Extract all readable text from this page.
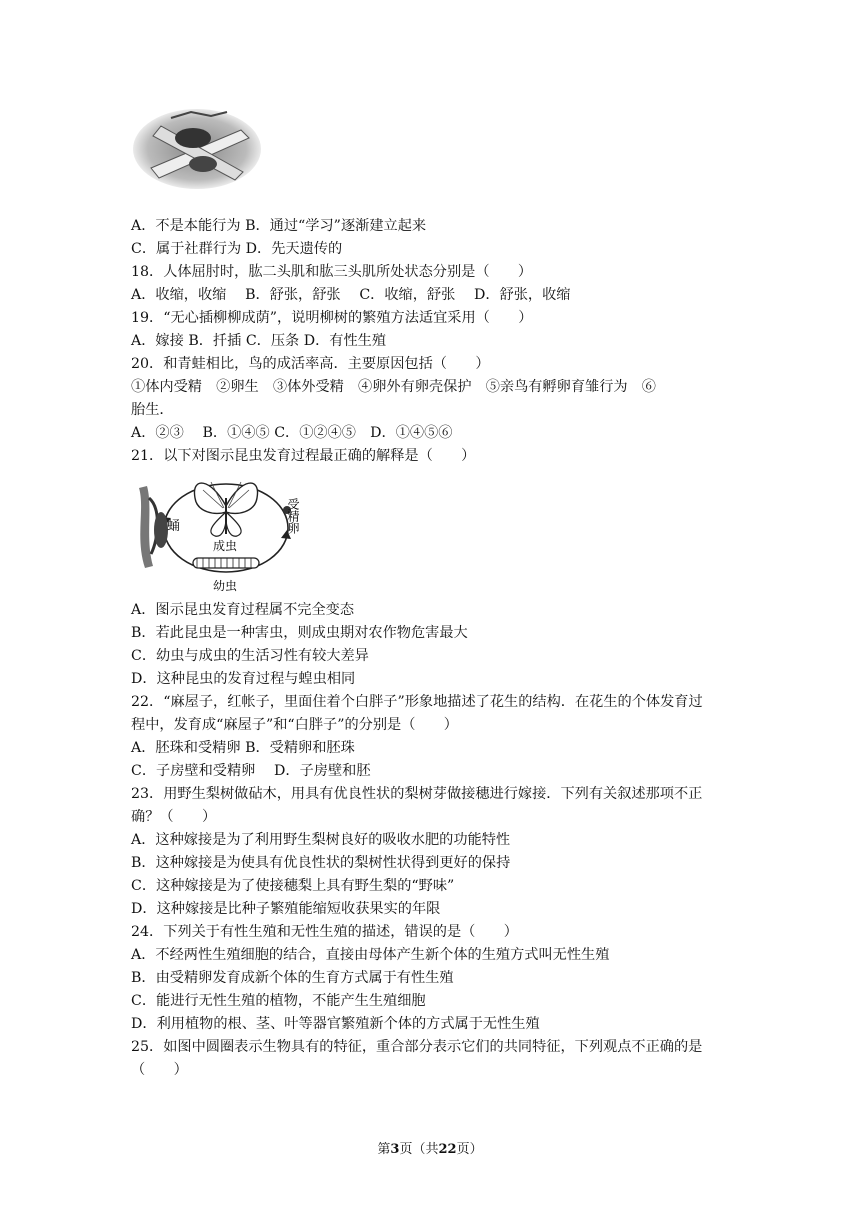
A．不是本能行为 B．通过“学习”逐渐建立起来
C．属于社群行为 D．先天遗传的
18．人体屈肘时，肱二头肌和肱三头肌所处状态分别是（　　）
A．收缩，收缩　 B．舒张，舒张　 C．收缩，舒张　 D．舒张，收缩
19．“无心插柳柳成荫”，说明柳树的繁殖方法适宜采用（　　）
A．嫁接 B．扦插 C．压条 D．有性生殖
20．和青蛙相比，鸟的成活率高．主要原因包括（　　）
①体内受精　②卵生　③体外受精　④卵外有卵壳保护　⑤亲鸟有孵卵育雏行为　⑥
胎生．
A．②③　 B．①④⑤ C．①②④⑤　D．①④⑤⑥
21．以下对图示昆虫发育过程最正确的解释是（　　）
蛹
成虫
受精卵
幼虫
A．图示昆虫发育过程属不完全变态
B．若此昆虫是一种害虫，则成虫期对农作物危害最大
C．幼虫与成虫的生活习性有较大差异
D．这种昆虫的发育过程与蝗虫相同
22．“麻屋子，红帐子，里面住着个白胖子”形象地描述了花生的结构．在花生的个体发育过
程中，发育成“麻屋子”和“白胖子”的分别是（　　）
A．胚珠和受精卵 B．受精卵和胚珠
C．子房壁和受精卵　 D．子房壁和胚
23．用野生梨树做砧木，用具有优良性状的梨树芽做接穗进行嫁接．下列有关叙述那项不正
确？（　　）
A．这种嫁接是为了利用野生梨树良好的吸收水肥的功能特性
B．这种嫁接是为使具有优良性状的梨树性状得到更好的保持
C．这种嫁接是为了使接穗梨上具有野生梨的“野味”
D．这种嫁接是比种子繁殖能缩短收获果实的年限
24．下列关于有性生殖和无性生殖的描述，错误的是（　　）
A．不经两性生殖细胞的结合，直接由母体产生新个体的生殖方式叫无性生殖
B．由受精卵发育成新个体的生育方式属于有性生殖
C．能进行无性生殖的植物，不能产生生殖细胞
D．利用植物的根、茎、叶等器官繁殖新个体的方式属于无性生殖
25．如图中圆圈表示生物具有的特征，重合部分表示它们的共同特征，下列观点不正确的是
（　　）
第3页（共22页）
